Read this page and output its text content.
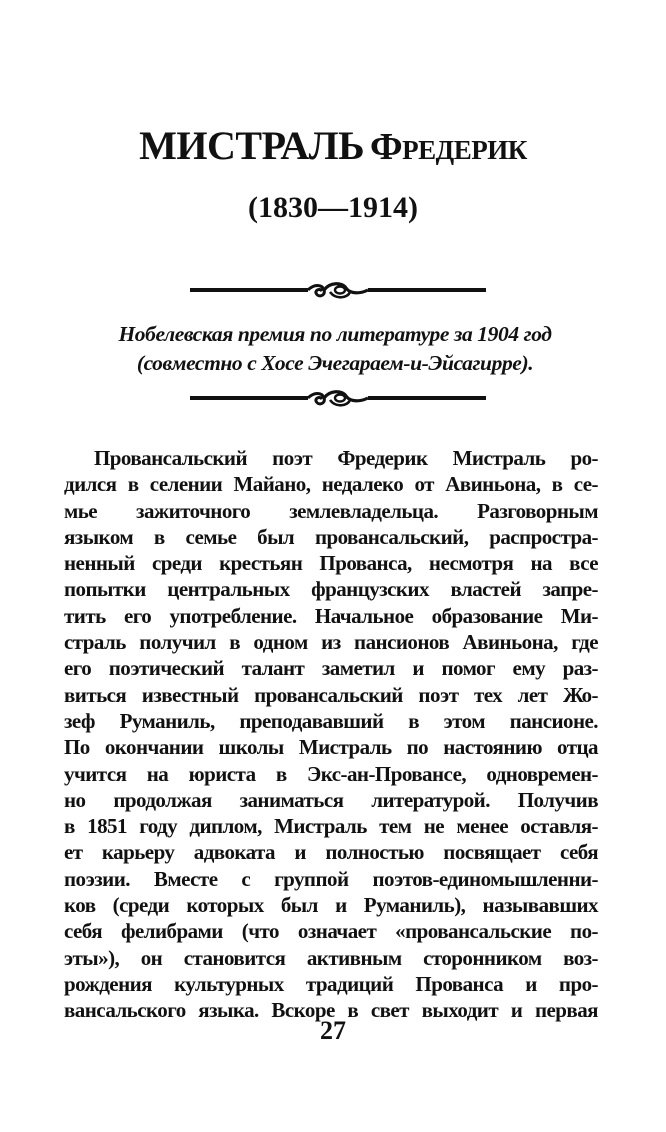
МИСТРАЛЬ Фредерик
(1830—1914)
Нобелевская премия по литературе за 1904 год
(совместно с Хосе Эчегараем-и-Эйсагирре).
Провансальский поэт Фредерик Мистраль ро-
дился в селении Майано, недалеко от Авиньона, в се-
мье зажиточного землевладельца. Разговорным
языком в семье был провансальский, распростра-
ненный среди крестьян Прованса, несмотря на все
попытки центральных французских властей запре-
тить его употребление. Начальное образование Ми-
страль получил в одном из пансионов Авиньона, где
его поэтический талант заметил и помог ему раз-
виться известный провансальский поэт тех лет Жо-
зеф Руманиль, преподававший в этом пансионе.
По окончании школы Мистраль по настоянию отца
учится на юриста в Экс-ан-Провансе, одновремен-
но продолжая заниматься литературой. Получив
в 1851 году диплом, Мистраль тем не менее оставля-
ет карьеру адвоката и полностью посвящает себя
поэзии. Вместе с группой поэтов-единомышленни-
ков (среди которых был и Руманиль), называвших
себя фелибрами (что означает «провансальские по-
эты»), он становится активным сторонником воз-
рождения культурных традиций Прованса и про-
вансальского языка. Вскоре в свет выходит и первая
27
